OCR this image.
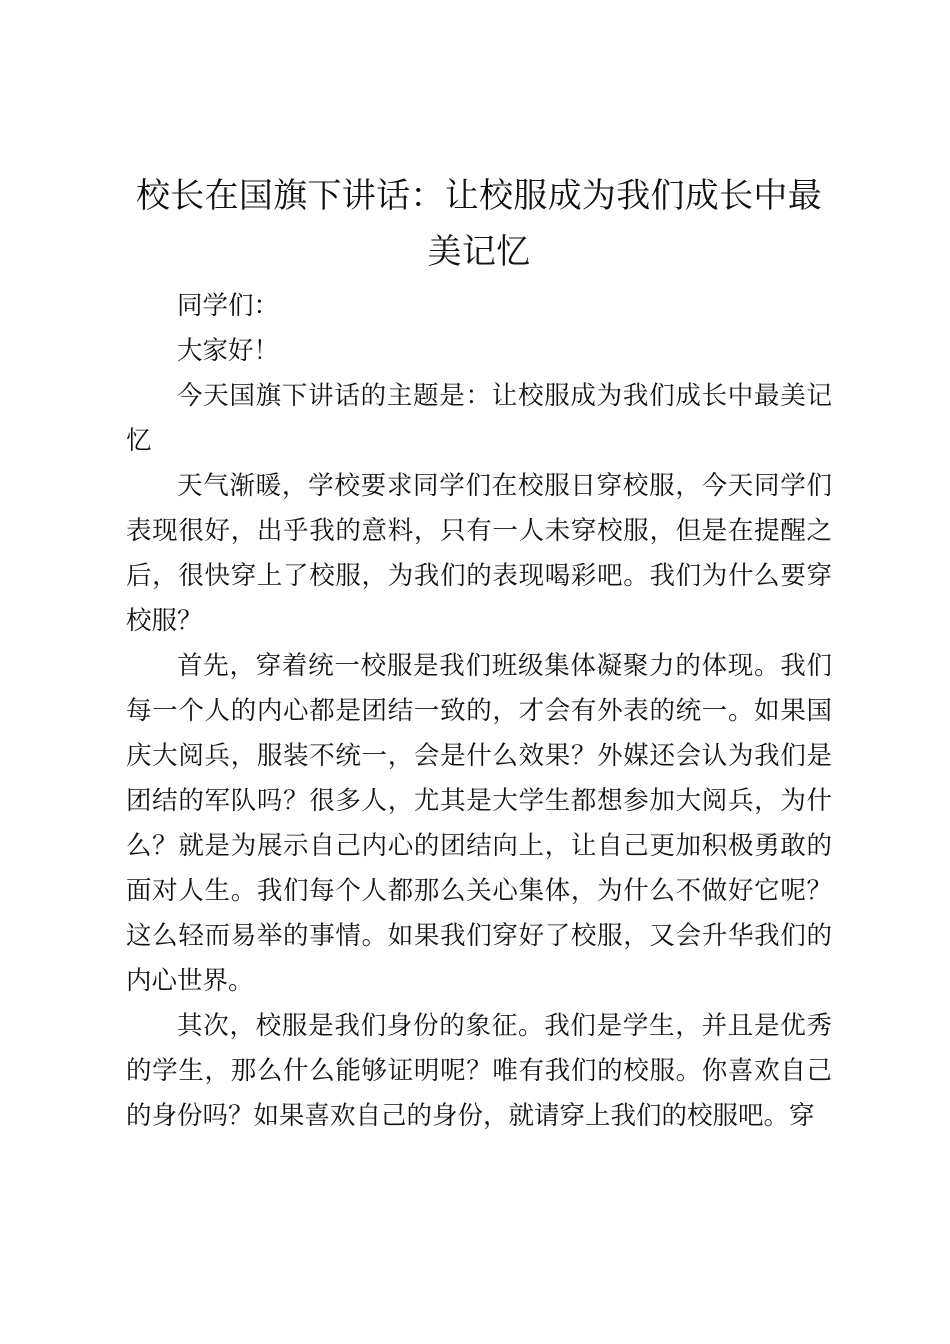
校长在国旗下讲话：让校服成为我们成长中最美记忆

同学们：

大家好！

今天国旗下讲话的主题是：让校服成为我们成长中最美记忆

天气渐暖，学校要求同学们在校服日穿校服，今天同学们表现很好，出乎我的意料，只有一人未穿校服，但是在提醒之后，很快穿上了校服，为我们的表现喝彩吧。我们为什么要穿校服？

首先，穿着统一校服是我们班级集体凝聚力的体现。我们每一个人的内心都是团结一致的，才会有外表的统一。如果国庆大阅兵，服装不统一，会是什么效果？外媒还会认为我们是团结的军队吗？很多人，尤其是大学生都想参加大阅兵，为什么？就是为展示自己内心的团结向上，让自己更加积极勇敢的面对人生。我们每个人都那么关心集体，为什么不做好它呢？这么轻而易举的事情。如果我们穿好了校服，又会升华我们的内心世界。

其次，校服是我们身份的象征。我们是学生，并且是优秀的学生，那么什么能够证明呢？唯有我们的校服。你喜欢自己的身份吗？如果喜欢自己的身份，就请穿上我们的校服吧。穿
